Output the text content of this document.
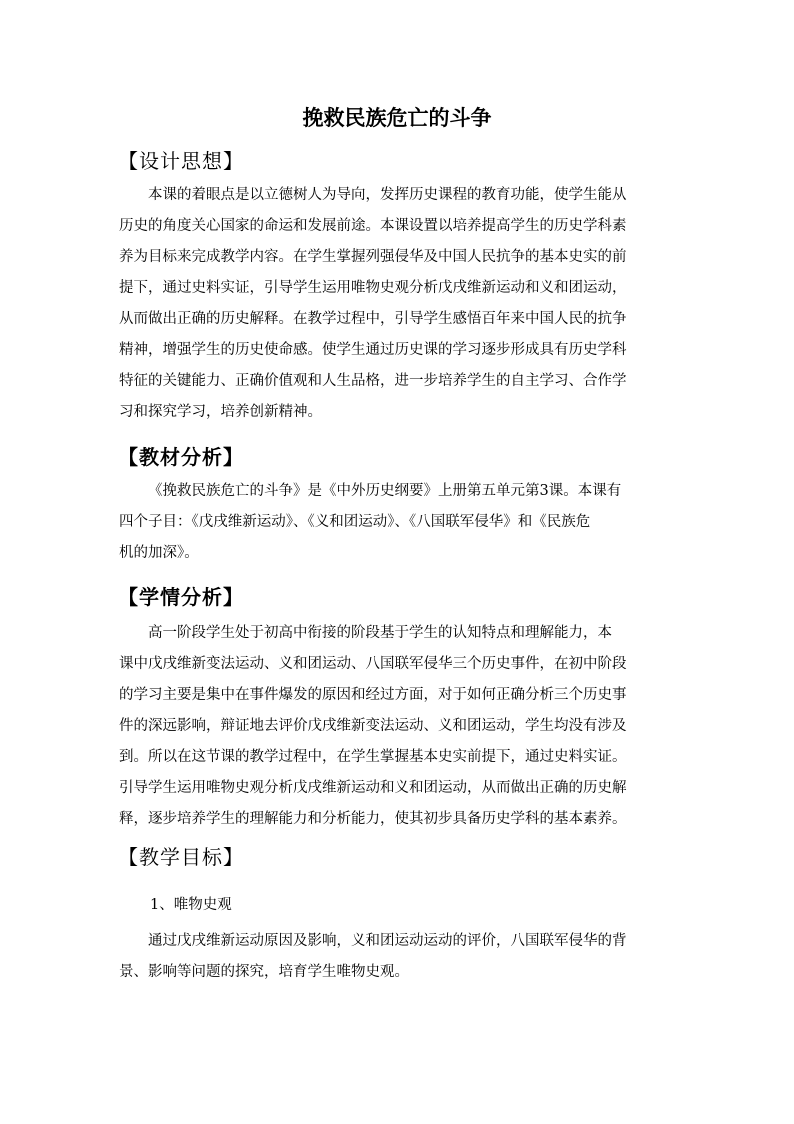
挽救民族危亡的斗争
【设计思想】
本课的着眼点是以立德树人为导向，发挥历史课程的教育功能，使学生能从
历史的角度关心国家的命运和发展前途。本课设置以培养提高学生的历史学科素
养为目标来完成教学内容。在学生掌握列强侵华及中国人民抗争的基本史实的前
提下，通过史料实证，引导学生运用唯物史观分析戊戌维新运动和义和团运动，
从而做出正确的历史解释。在教学过程中，引导学生感悟百年来中国人民的抗争
精神，增强学生的历史使命感。使学生通过历史课的学习逐步形成具有历史学科
特征的关键能力、正确价值观和人生品格，进一步培养学生的自主学习、合作学
习和探究学习，培养创新精神。
【教材分析】
《挽救民族危亡的斗争》是《中外历史纲要》上册第五单元第3课。本课有
四个子目：《戊戌维新运动》、《义和团运动》、《八国联军侵华》和《民族危
机的加深》。
【学情分析】
高一阶段学生处于初高中衔接的阶段基于学生的认知特点和理解能力，本
课中戊戌维新变法运动、义和团运动、八国联军侵华三个历史事件，在初中阶段
的学习主要是集中在事件爆发的原因和经过方面，对于如何正确分析三个历史事
件的深远影响，辩证地去评价戊戌维新变法运动、义和团运动，学生均没有涉及
到。所以在这节课的教学过程中，在学生掌握基本史实前提下，通过史料实证。
引导学生运用唯物史观分析戊戌维新运动和义和团运动，从而做出正确的历史解
释，逐步培养学生的理解能力和分析能力，使其初步具备历史学科的基本素养。
【教学目标】
1、唯物史观
通过戊戌维新运动原因及影响，义和团运动运动的评价，八国联军侵华的背
景、影响等问题的探究，培育学生唯物史观。
